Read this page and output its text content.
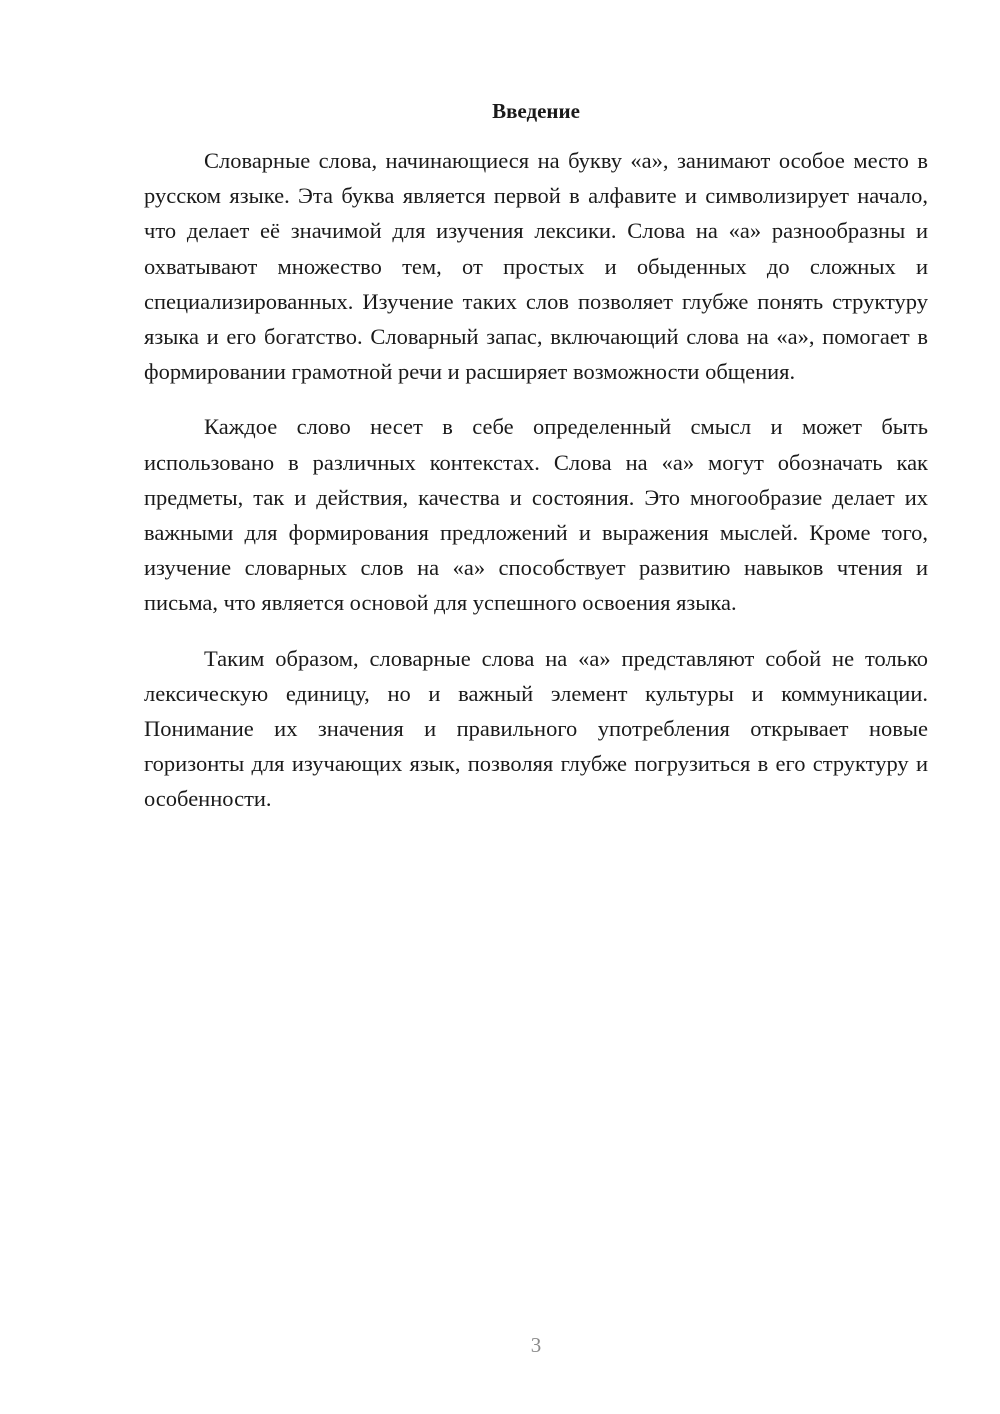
Введение

Словарные слова, начинающиеся на букву «а», занимают особое место в русском языке. Эта буква является первой в алфавите и символизирует начало, что делает её значимой для изучения лексики. Слова на «а» разнообразны и охватывают множество тем, от простых и обыденных до сложных и специализированных. Изучение таких слов позволяет глубже понять структуру языка и его богатство. Словарный запас, включающий слова на «а», помогает в формировании грамотной речи и расширяет возможности общения.

Каждое слово несет в себе определенный смысл и может быть использовано в различных контекстах. Слова на «а» могут обозначать как предметы, так и действия, качества и состояния. Это многообразие делает их важными для формирования предложений и выражения мыслей. Кроме того, изучение словарных слов на «а» способствует развитию навыков чтения и письма, что является основой для успешного освоения языка.

Таким образом, словарные слова на «а» представляют собой не только лексическую единицу, но и важный элемент культуры и коммуникации. Понимание их значения и правильного употребления открывает новые горизонты для изучающих язык, позволяя глубже погрузиться в его структуру и особенности.

3
